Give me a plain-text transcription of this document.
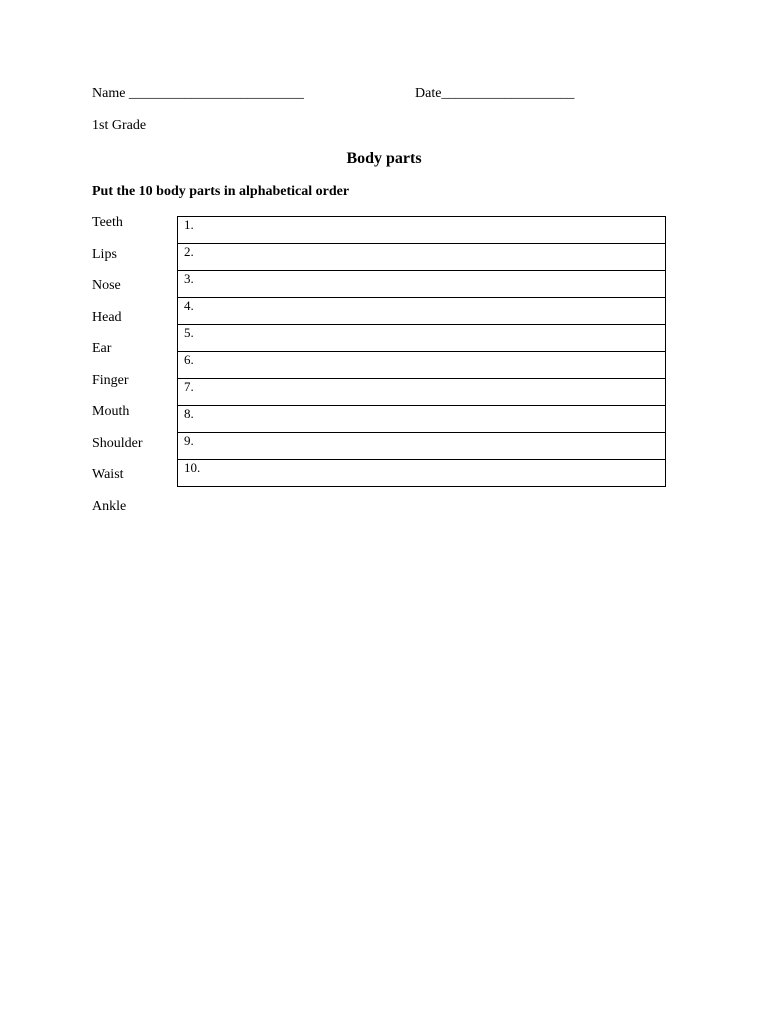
Name _________________________	Date___________________
1st Grade
Body parts
Put the 10 body parts in alphabetical order
Teeth
Lips
Nose
Head
Ear
Finger
Mouth
Shoulder
Waist
Ankle
1.
2.
3.
4.
5.
6.
7.
8.
9.
10.
